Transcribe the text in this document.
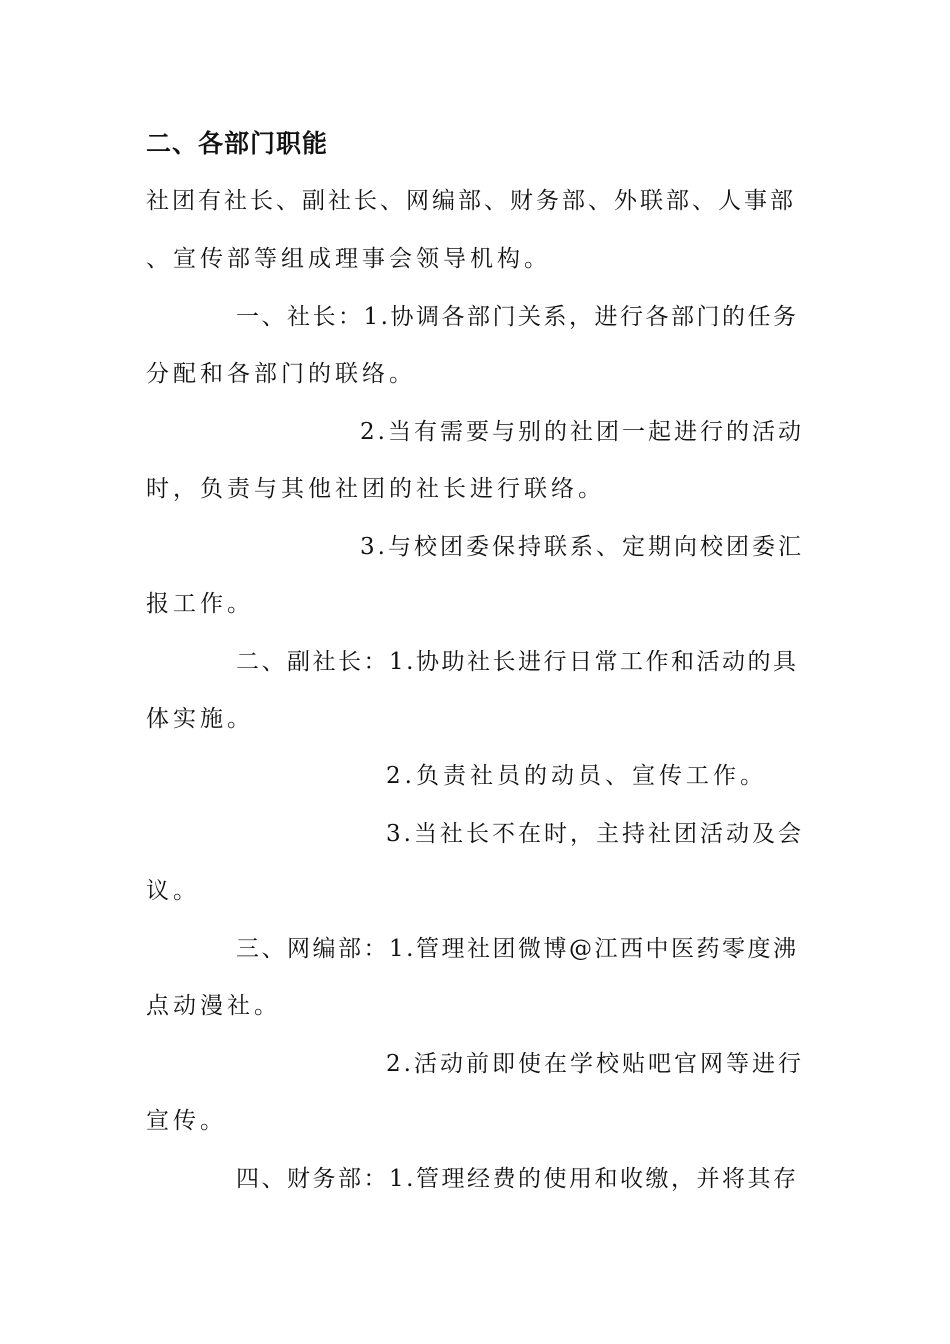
二、各部门职能
社团有社长、副社长、网编部、财务部、外联部、人事部
、宣传部等组成理事会领导机构。
一、社长：1.协调各部门关系，进行各部门的任务
分配和各部门的联络。
2.当有需要与别的社团一起进行的活动
时，负责与其他社团的社长进行联络。
3.与校团委保持联系、定期向校团委汇
报工作。
二、副社长：1.协助社长进行日常工作和活动的具
体实施。
2.负责社员的动员、宣传工作。
3.当社长不在时，主持社团活动及会
议。
三、网编部：1.管理社团微博@江西中医药零度沸
点动漫社。
2.活动前即使在学校贴吧官网等进行
宣传。
四、财务部：1.管理经费的使用和收缴，并将其存
